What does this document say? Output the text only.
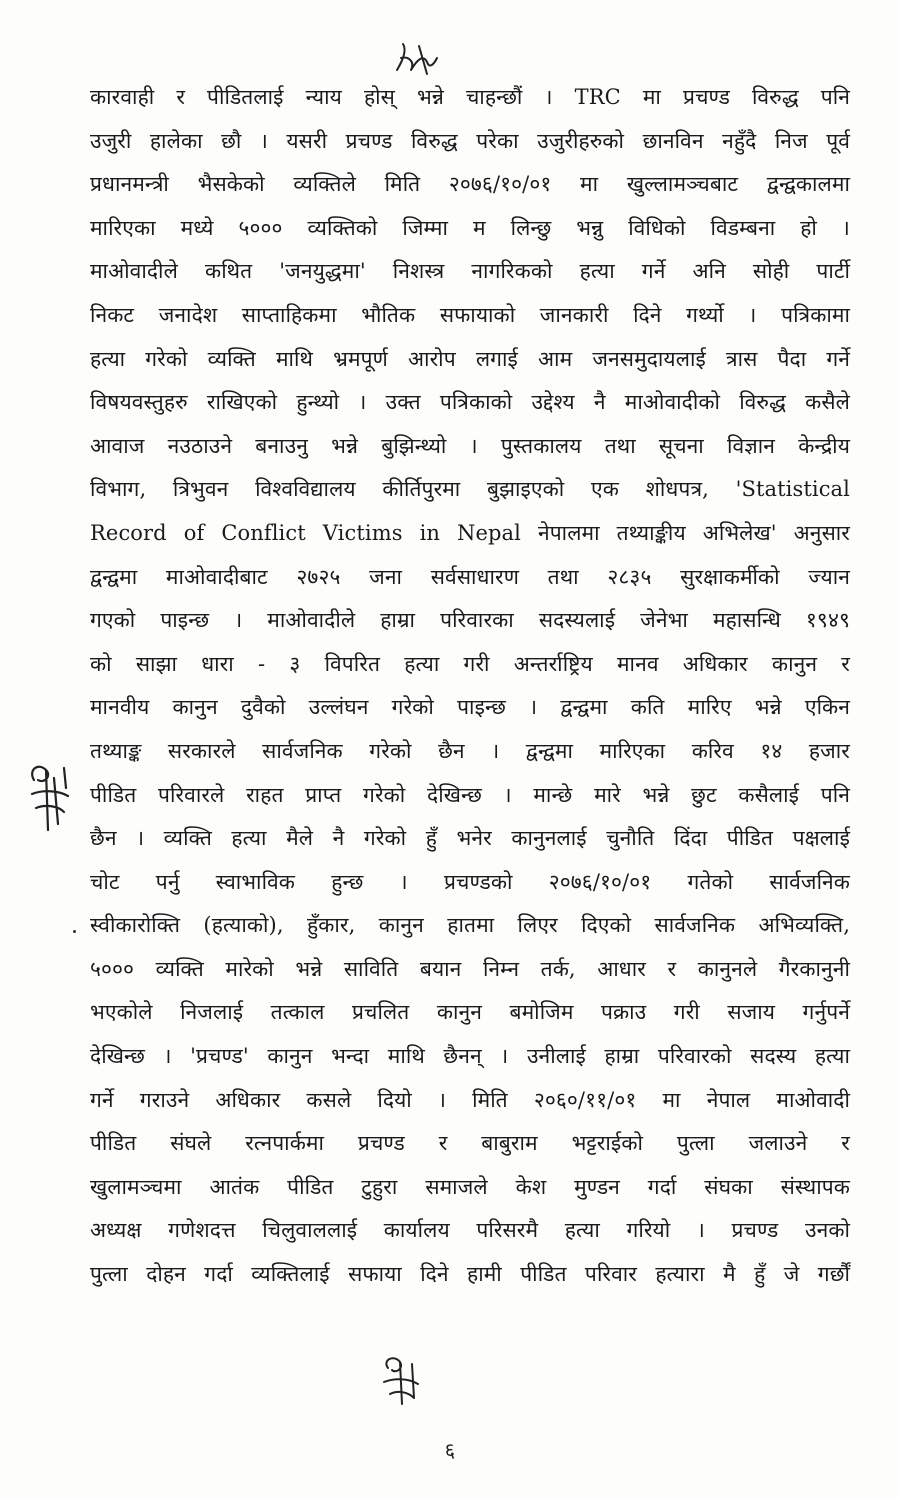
कारवाही र पीडितलाई न्याय होस् भन्ने चाहन्छौं । TRC मा प्रचण्ड विरुद्ध पनि
उजुरी हालेका छौ । यसरी प्रचण्ड विरुद्ध परेका उजुरीहरुको छानविन नहुँदै निज पूर्व
प्रधानमन्त्री भैसकेको व्यक्तिले मिति २०७६/१०/०१ मा खुल्लामञ्चबाट द्वन्द्वकालमा
मारिएका मध्ये ५००० व्यक्तिको जिम्मा म लिन्छु भन्नु विधिको विडम्बना हो ।
माओवादीले कथित 'जनयुद्धमा' निशस्त्र नागरिकको हत्या गर्ने अनि सोही पार्टी
निकट जनादेश साप्ताहिकमा भौतिक सफायाको जानकारी दिने गर्थ्यो । पत्रिकामा
हत्या गरेको व्यक्ति माथि भ्रमपूर्ण आरोप लगाई आम जनसमुदायलाई त्रास पैदा गर्ने
विषयवस्तुहरु राखिएको हुन्थ्यो । उक्त पत्रिकाको उद्देश्य नै माओवादीको विरुद्ध कसैले
आवाज नउठाउने बनाउनु भन्ने बुझिन्थ्यो । पुस्तकालय तथा सूचना विज्ञान केन्द्रीय
विभाग, त्रिभुवन विश्वविद्यालय कीर्तिपुरमा बुझाइएको एक शोधपत्र, 'Statistical
Record of Conflict Victims in Nepal नेपालमा तथ्याङ्कीय अभिलेख' अनुसार
द्वन्द्वमा माओवादीबाट २७२५ जना सर्वसाधारण तथा २८३५ सुरक्षाकर्मीको ज्यान
गएको पाइन्छ । माओवादीले हाम्रा परिवारका सदस्यलाई जेनेभा महासन्धि १९४९
को साझा धारा - ३ विपरित हत्या गरी अन्तर्राष्ट्रिय मानव अधिकार कानुन र
मानवीय कानुन दुवैको उल्लंघन गरेको पाइन्छ । द्वन्द्वमा कति मारिए भन्ने एकिन
तथ्याङ्क सरकारले सार्वजनिक गरेको छैन । द्वन्द्वमा मारिएका करिव १४ हजार
पीडित परिवारले राहत प्राप्त गरेको देखिन्छ । मान्छे मारे भन्ने छुट कसैलाई पनि
छैन । व्यक्ति हत्या मैले नै गरेको हुँ भनेर कानुनलाई चुनौति दिंदा पीडित पक्षलाई
चोट पर्नु स्वाभाविक हुन्छ । प्रचण्डको २०७६/१०/०१ गतेको सार्वजनिक
स्वीकारोक्ति (हत्याको), हुँकार, कानुन हातमा लिएर दिएको सार्वजनिक अभिव्यक्ति,
५००० व्यक्ति मारेको भन्ने साविति बयान निम्न तर्क, आधार र कानुनले गैरकानुनी
भएकोले निजलाई तत्काल प्रचलित कानुन बमोजिम पक्राउ गरी सजाय गर्नुपर्ने
देखिन्छ । 'प्रचण्ड' कानुन भन्दा माथि छैनन् । उनीलाई हाम्रा परिवारको सदस्य हत्या
गर्ने गराउने अधिकार कसले दियो । मिति २०६०/११/०१ मा नेपाल माओवादी
पीडित संघले रत्नपार्कमा प्रचण्ड र बाबुराम भट्टराईको पुत्ला जलाउने र
खुलामञ्चमा आतंक पीडित टुहुरा समाजले केश मुण्डन गर्दा संघका संस्थापक
अध्यक्ष गणेशदत्त चिलुवाललाई कार्यालय परिसरमै हत्या गरियो । प्रचण्ड उनको
पुत्ला दोहन गर्दा व्यक्तिलाई सफाया दिने हामी पीडित परिवार हत्यारा मै हुँ जे गर्छौं
६
